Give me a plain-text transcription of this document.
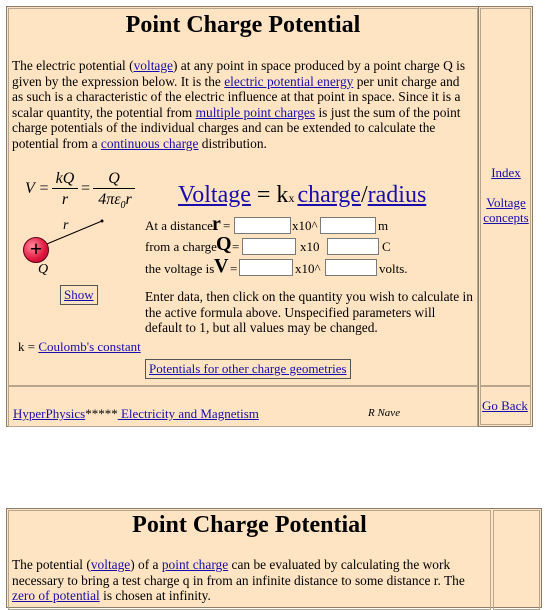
Point Charge Potential
The electric potential (voltage) at any point in space produced by a point charge Q is given by the expression below. It is the electric potential energy per unit charge and as such is a characteristic of the electric influence at that point in space. Since it is a scalar quantity, the potential from multiple point charges is just the sum of the point charge potentials of the individual charges and can be extended to calculate the potential from a continuous charge distribution.
V =
kQ
r
=
Q
$4\pi\varepsilon_0r$
r
+
Q
Show
k = Coulomb's constant
Voltage = kx charge/radius
At a distance r =	x10^	m
from a charge Q =	x10	C
the voltage is V =	x10^	volts.
Enter data, then click on the quantity you wish to calculate in the active formula above. Unspecified parameters will default to 1, but all values may be changed.
Potentials for other charge geometries
Index

Voltage concepts
HyperPhysics***** Electricity and Magnetism	R Nave	Go Back
Point Charge Potential
The potential (voltage) of a point charge can be evaluated by calculating the work necessary to bring a test charge q in from an infinite distance to some distance r. The zero of potential is chosen at infinity.
